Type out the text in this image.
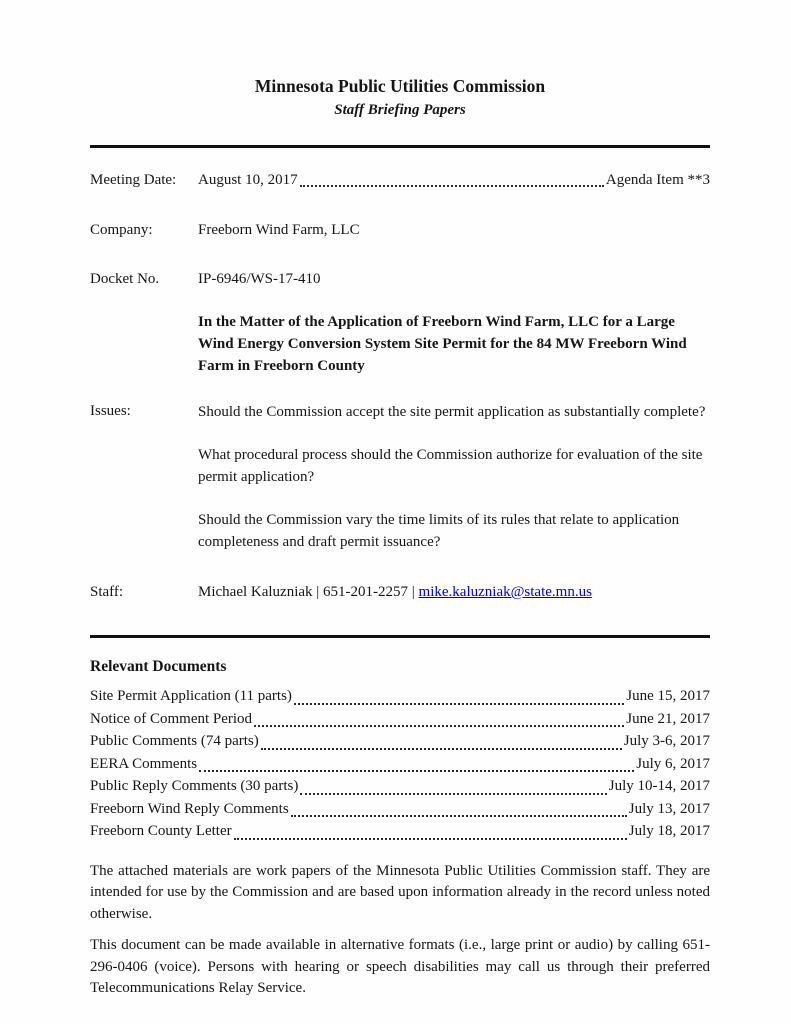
Minnesota Public Utilities Commission
Staff Briefing Papers
Meeting Date:	August 10, 2017	Agenda Item **3
Company:	Freeborn Wind Farm, LLC
Docket No.	IP-6946/WS-17-410
In the Matter of the Application of Freeborn Wind Farm, LLC for a Large Wind Energy Conversion System Site Permit for the 84 MW Freeborn Wind Farm in Freeborn County
Issues:	Should the Commission accept the site permit application as substantially complete?

What procedural process should the Commission authorize for evaluation of the site permit application?

Should the Commission vary the time limits of its rules that relate to application completeness and draft permit issuance?

Staff:	Michael Kaluzniak | 651-201-2257 | mike.kaluzniak@state.mn.us
Relevant Documents
Site Permit Application (11 parts)	June 15, 2017
Notice of Comment Period	June 21, 2017
Public Comments (74 parts)	July 3-6, 2017
EERA Comments	July 6, 2017
Public Reply Comments (30 parts)	July 10-14, 2017
Freeborn Wind Reply Comments	July 13, 2017
Freeborn County Letter	July 18, 2017

The attached materials are work papers of the Minnesota Public Utilities Commission staff. They are intended for use by the Commission and are based upon information already in the record unless noted otherwise.

This document can be made available in alternative formats (i.e., large print or audio) by calling 651-296-0406 (voice). Persons with hearing or speech disabilities may call us through their preferred Telecommunications Relay Service.
